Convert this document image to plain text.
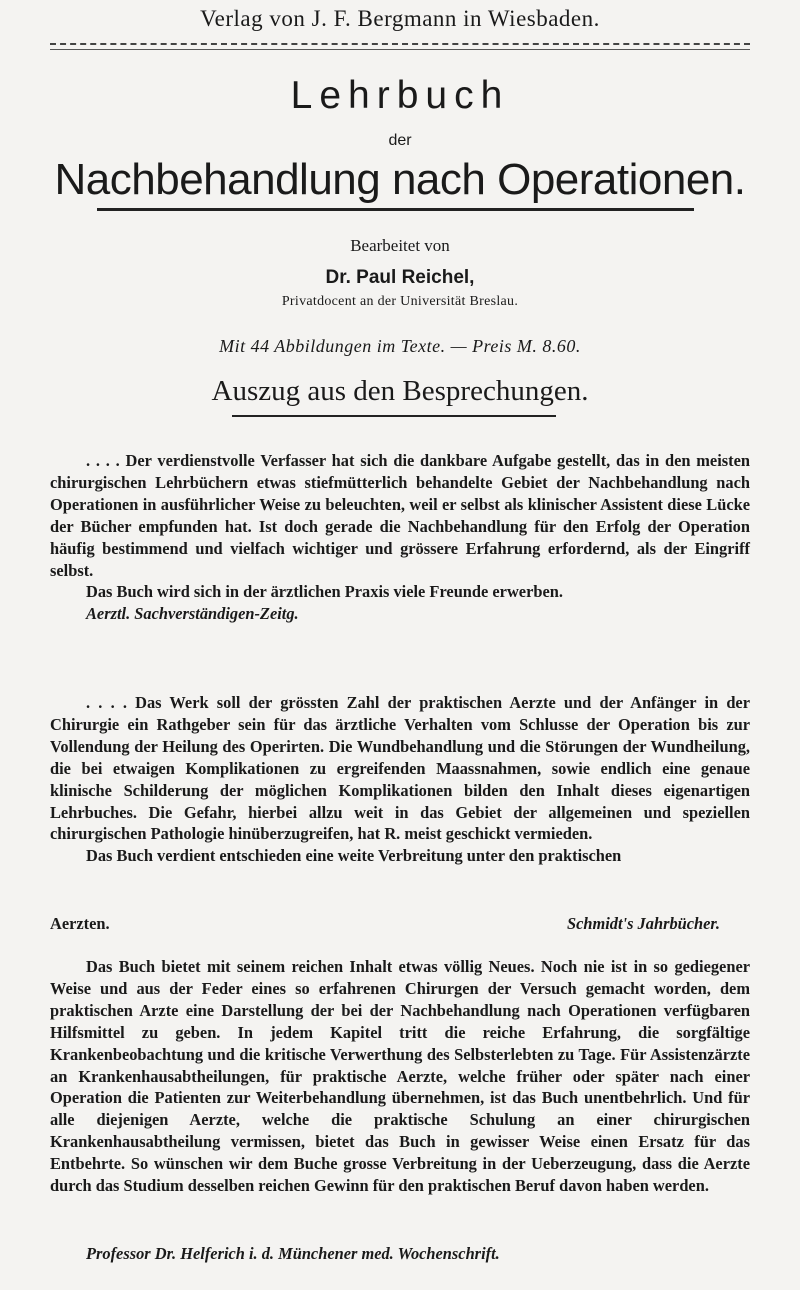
Verlag von J. F. Bergmann in Wiesbaden.
Lehrbuch
der
Nachbehandlung nach Operationen.
Bearbeitet von
Dr. Paul Reichel,
Privatdocent an der Universität Breslau.
Mit 44 Abbildungen im Texte. — Preis M. 8.60.
Auszug aus den Besprechungen.

. . . . Der verdienstvolle Verfasser hat sich die dankbare Aufgabe gestellt, das in den meisten chirurgischen Lehrbüchern etwas stiefmütterlich behandelte Gebiet der Nachbehandlung nach Operationen in ausführlicher Weise zu beleuchten, weil er selbst als klinischer Assistent diese Lücke der Bücher empfunden hat. Ist doch gerade die Nachbehandlung für den Erfolg der Operation häufig bestimmend und vielfach wichtiger und grössere Erfahrung erfordernd, als der Eingriff selbst.

Das Buch wird sich in der ärztlichen Praxis viele Freunde erwerben.

Aerztl. Sachverständigen-Zeitg.

. . . . Das Werk soll der grössten Zahl der praktischen Aerzte und der Anfänger in der Chirurgie ein Rathgeber sein für das ärztliche Verhalten vom Schlusse der Operation bis zur Vollendung der Heilung des Operirten. Die Wundbehandlung und die Störungen der Wundheilung, die bei etwaigen Komplikationen zu ergreifenden Maassnahmen, sowie endlich eine genaue klinische Schilderung der möglichen Komplikationen bilden den Inhalt dieses eigenartigen Lehrbuches. Die Gefahr, hierbei allzu weit in das Gebiet der allgemeinen und speziellen chirurgischen Pathologie hinüberzugreifen, hat R. meist geschickt vermieden.

Das Buch verdient entschieden eine weite Verbreitung unter den praktischen

Aerzten.	Schmidt's Jahrbücher.

Das Buch bietet mit seinem reichen Inhalt etwas völlig Neues. Noch nie ist in so gediegener Weise und aus der Feder eines so erfahrenen Chirurgen der Versuch gemacht worden, dem praktischen Arzte eine Darstellung der bei der Nachbehandlung nach Operationen verfügbaren Hilfsmittel zu geben. In jedem Kapitel tritt die reiche Erfahrung, die sorgfältige Krankenbeobachtung und die kritische Verwerthung des Selbsterlebten zu Tage. Für Assistenzärzte an Krankenhausabtheilungen, für praktische Aerzte, welche früher oder später nach einer Operation die Patienten zur Weiterbehandlung übernehmen, ist das Buch unentbehrlich. Und für alle diejenigen Aerzte, welche die praktische Schulung an einer chirurgischen Krankenhausabtheilung vermissen, bietet das Buch in gewisser Weise einen Ersatz für das Entbehrte. So wünschen wir dem Buche grosse Verbreitung in der Ueberzeugung, dass die Aerzte durch das Studium desselben reichen Gewinn für den praktischen Beruf davon haben werden.

Professor Dr. Helferich i. d. Münchener med. Wochenschrift.
